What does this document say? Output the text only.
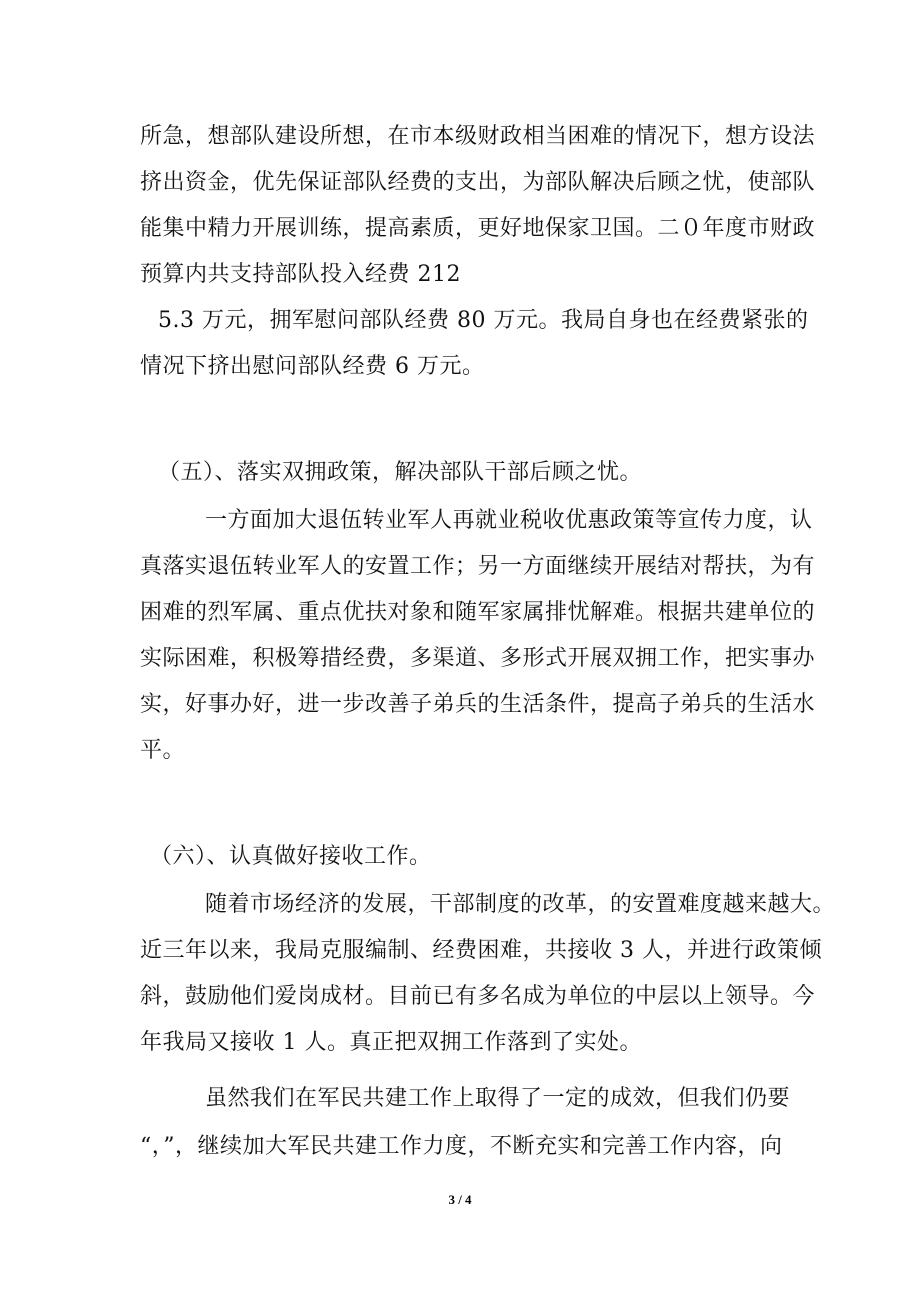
所急，想部队建设所想，在市本级财政相当困难的情况下，想方设法
挤出资金，优先保证部队经费的支出，为部队解决后顾之忧，使部队
能集中精力开展训练，提高素质，更好地保家卫国。二０年度市财政
预算内共支持部队投入经费 212
5.3 万元，拥军慰问部队经费 80 万元。我局自身也在经费紧张的
情况下挤出慰问部队经费 6 万元。
（五）、落实双拥政策，解决部队干部后顾之忧。
一方面加大退伍转业军人再就业税收优惠政策等宣传力度，认
真落实退伍转业军人的安置工作；另一方面继续开展结对帮扶，为有
困难的烈军属、重点优扶对象和随军家属排忧解难。根据共建单位的
实际困难，积极筹措经费，多渠道、多形式开展双拥工作，把实事办
实，好事办好，进一步改善子弟兵的生活条件，提高子弟兵的生活水
平。
（六）、认真做好接收工作。
随着市场经济的发展，干部制度的改革，的安置难度越来越大。
近三年以来，我局克服编制、经费困难，共接收 3 人，并进行政策倾
斜，鼓励他们爱岗成材。目前已有多名成为单位的中层以上领导。今
年我局又接收 1 人。真正把双拥工作落到了实处。
虽然我们在军民共建工作上取得了一定的成效，但我们仍要
“，”，继续加大军民共建工作力度，不断充实和完善工作内容，向
3 / 4
